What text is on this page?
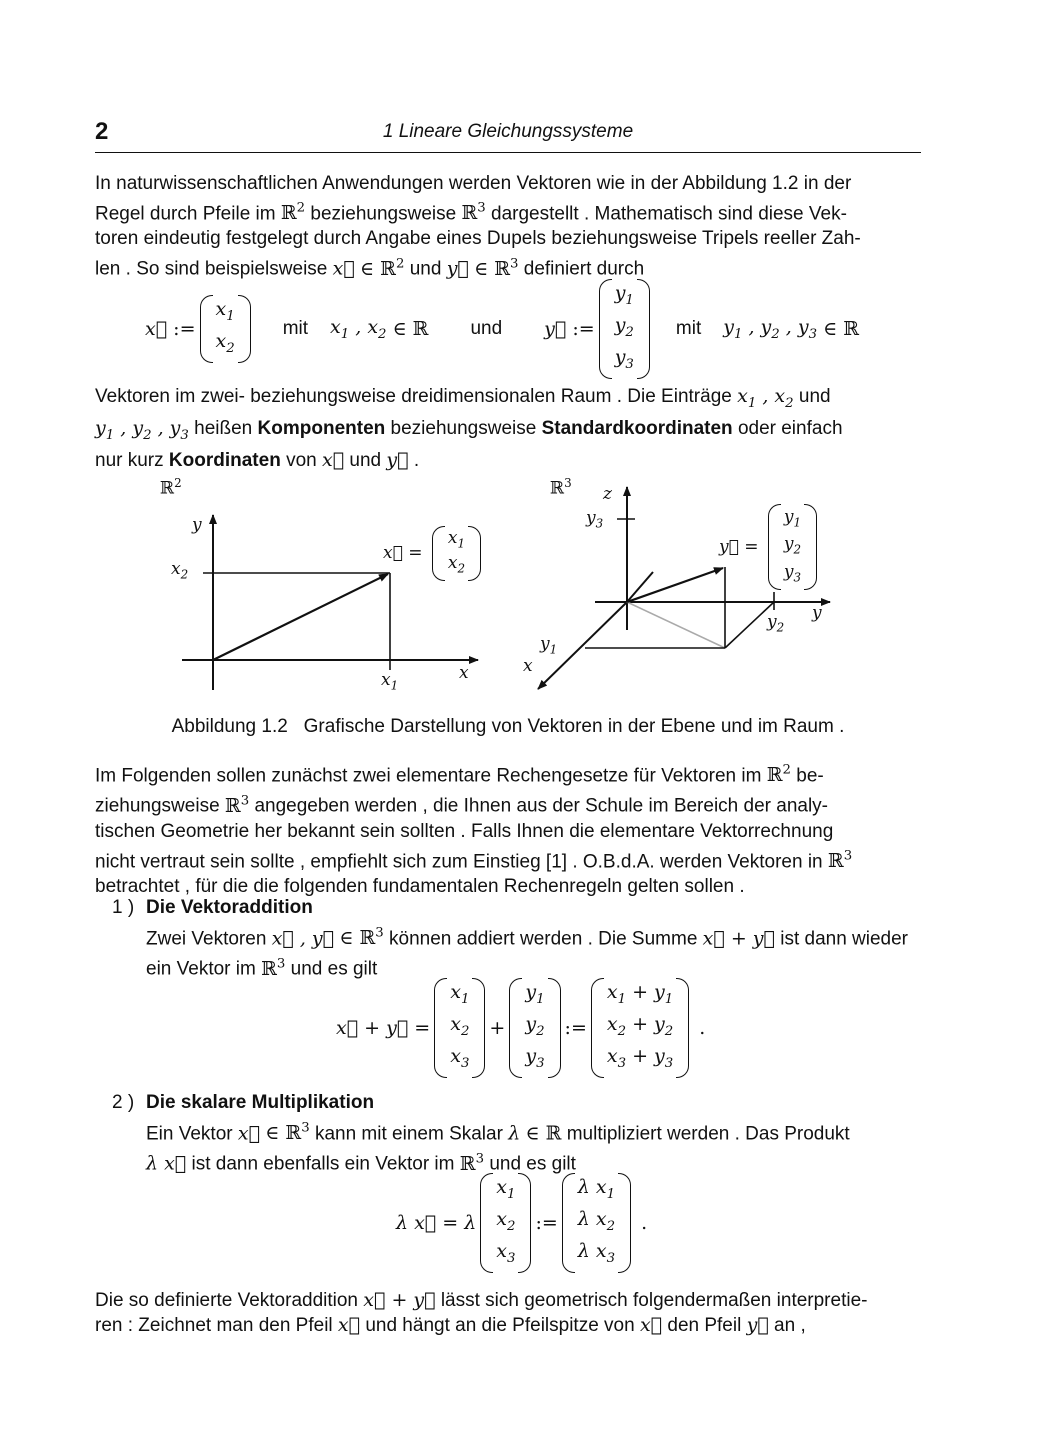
2	1 Lineare Gleichungssysteme
In naturwissenschaftlichen Anwendungen werden Vektoren wie in der Abbildung 1.2 in der
Regel durch Pfeile im ℝ$^2$ beziehungsweise ℝ$^3$ dargestellt . Mathematisch sind diese Vek-
toren eindeutig festgelegt durch Angabe eines Dupels beziehungsweise Tripels reeller Zah-
len . So sind beispielsweise x⃗ ∈ ℝ$^2$ und y⃗ ∈ ℝ$^3$ definiert durch
x⃗
:=
$x_1$
$x_2$
mit $x_1$ , $x_2$
∈ ℝ und y⃗
:=
$y_1$
$y_2$
$y_3$
mit $y_1$ , $y_2$ , $y_3$
∈ ℝ
Vektoren im zwei- beziehungsweise dreidimensionalen Raum . Die Einträge $x_1$ , $x_2$ und
$y_1$ , $y_2$ , $y_3$ heißen Komponenten beziehungsweise Standardkoordinaten oder einfach
nur kurz Koordinaten von x⃗ und y⃗ .
ℝ$^2$
y
$x_2$
$x_1$
x
x⃗ =
$x_1$
$x_2$
ℝ$^3$
z
$y_3$
y
$y_2$
$y_1$
x
y⃗ =
$y_1$
$y_2$
$y_3$
Abbildung 1.2 Grafische Darstellung von Vektoren in der Ebene und im Raum .
Im Folgenden sollen zunächst zwei elementare Rechengesetze für Vektoren im ℝ$^2$ be-
ziehungsweise ℝ$^3$ angegeben werden , die Ihnen aus der Schule im Bereich der analy-
tischen Geometrie her bekannt sein sollten . Falls Ihnen die elementare Vektorrechnung
nicht vertraut sein sollte , empfiehlt sich zum Einstieg [1] . O.B.d.A. werden Vektoren in ℝ$^3$
betrachtet , für die die folgenden fundamentalen Rechenregeln gelten sollen .
1 ) Die Vektoraddition
Zwei Vektoren x⃗ , y⃗ ∈ ℝ$^3$ können addiert werden . Die Summe x⃗ + y⃗ ist dann wieder
ein Vektor im ℝ$^3$ und es gilt
x⃗ + y⃗ =
$x_1$
$x_2$
$x_3$
+
$y_1$
$y_2$
$y_3$
:=
$x_1 + y_1$
$x_2 + y_2$
$x_3 + y_3$
.
2 ) Die skalare Multiplikation
Ein Vektor x⃗ ∈ ℝ$^3$ kann mit einem Skalar λ ∈ ℝ multipliziert werden . Das Produkt
λ x⃗ ist dann ebenfalls ein Vektor im ℝ$^3$ und es gilt
λ x⃗ = λ
$x_1$
$x_2$
$x_3$
:=
λ $x_1$
λ $x_2$
λ $x_3$
.
Die so definierte Vektoraddition x⃗ + y⃗ lässt sich geometrisch folgendermaßen interpretie-
ren : Zeichnet man den Pfeil x⃗ und hängt an die Pfeilspitze von x⃗ den Pfeil y⃗ an ,
